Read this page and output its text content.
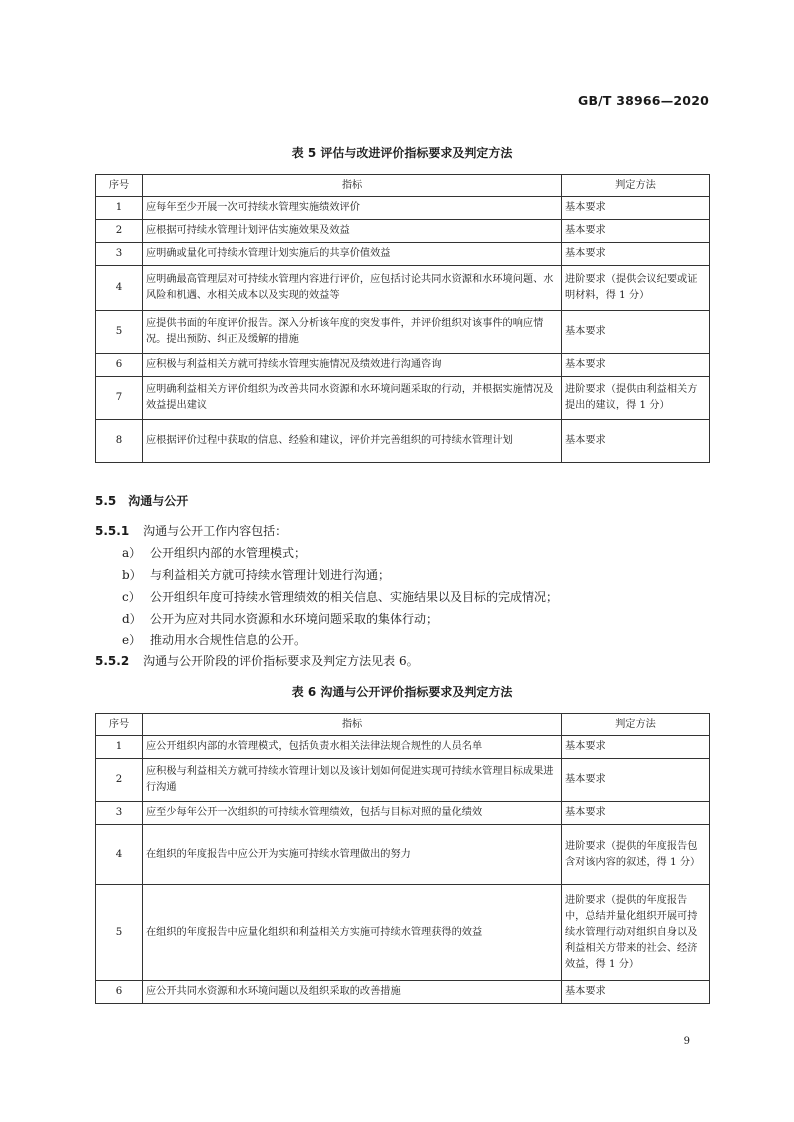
GB/T 38966—2020
表 5 评估与改进评价指标要求及判定方法
序号	指标	判定方法
1	应每年至少开展一次可持续水管理实施绩效评价	基本要求
2	应根据可持续水管理计划评估实施效果及效益	基本要求
3	应明确或量化可持续水管理计划实施后的共享价值效益	基本要求
4	应明确最高管理层对可持续水管理内容进行评价，应包括讨论共同水资源和水环境问题、水风险和机遇、水相关成本以及实现的效益等	进阶要求（提供会议纪要或证明材料，得 1 分）
5	应提供书面的年度评价报告。深入分析该年度的突发事件，并评价组织对该事件的响应情况。提出预防、纠正及缓解的措施	基本要求
6	应积极与利益相关方就可持续水管理实施情况及绩效进行沟通咨询	基本要求
7	应明确利益相关方评价组织为改善共同水资源和水环境问题采取的行动，并根据实施情况及效益提出建议	进阶要求（提供由利益相关方提出的建议，得 1 分）
8	应根据评价过程中获取的信息、经验和建议，评价并完善组织的可持续水管理计划	基本要求
5.5 沟通与公开
5.5.1 沟通与公开工作内容包括：
a） 公开组织内部的水管理模式；
b） 与利益相关方就可持续水管理计划进行沟通；
c） 公开组织年度可持续水管理绩效的相关信息、实施结果以及目标的完成情况；
d） 公开为应对共同水资源和水环境问题采取的集体行动；
e） 推动用水合规性信息的公开。
5.5.2 沟通与公开阶段的评价指标要求及判定方法见表 6。
表 6 沟通与公开评价指标要求及判定方法
序号	指标	判定方法
1	应公开组织内部的水管理模式，包括负责水相关法律法规合规性的人员名单	基本要求
2	应积极与利益相关方就可持续水管理计划以及该计划如何促进实现可持续水管理目标成果进行沟通	基本要求
3	应至少每年公开一次组织的可持续水管理绩效，包括与目标对照的量化绩效	基本要求
4	在组织的年度报告中应公开为实施可持续水管理做出的努力	进阶要求（提供的年度报告包含对该内容的叙述，得 1 分）
5	在组织的年度报告中应量化组织和利益相关方实施可持续水管理获得的效益	进阶要求（提供的年度报告中，总结并量化组织开展可持续水管理行动对组织自身以及利益相关方带来的社会、经济效益，得 1 分）
6	应公开共同水资源和水环境问题以及组织采取的改善措施	基本要求
9
